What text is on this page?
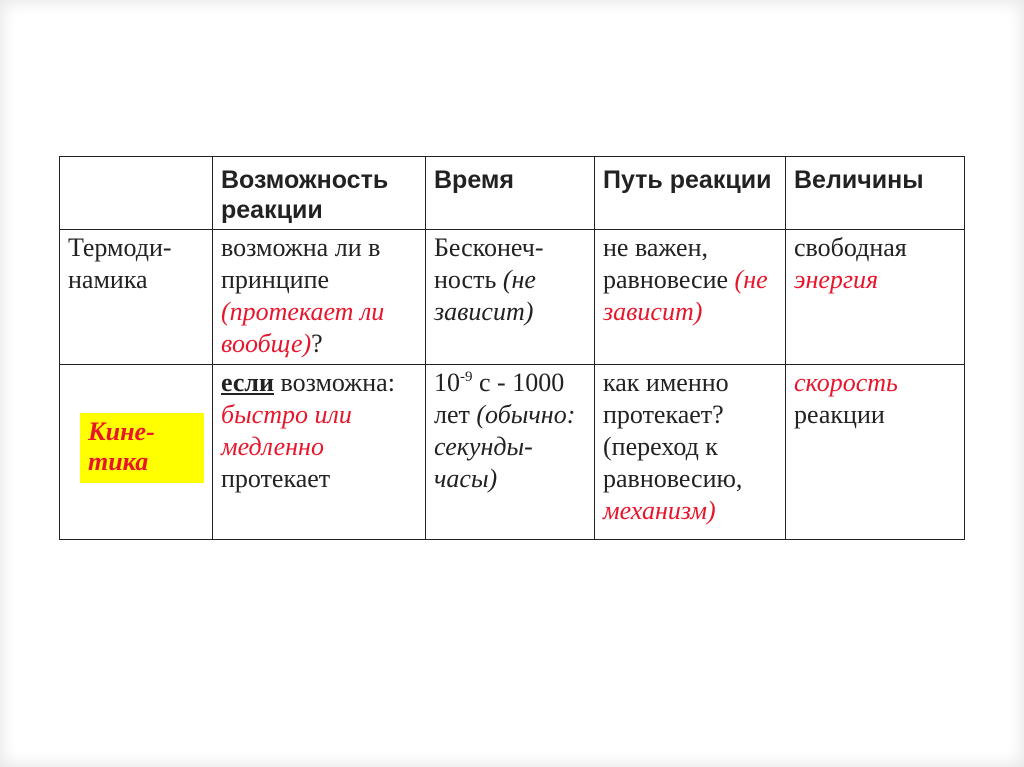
	Возможность реакции	Время	Путь реакции	Величины
Термоди-намика	возможна ли в принципе (протекает ли вообще)?	Бесконеч-ность (не зависит)	не важен, равновесие (не зависит)	свободная энергия
Кине-тика	если возможна: быстро или медленно протекает	$10^{-9}$ с - 1000 лет (обычно: секунды-часы)	как именно протекает? (переход к равновесию, механизм)	скорость реакции
